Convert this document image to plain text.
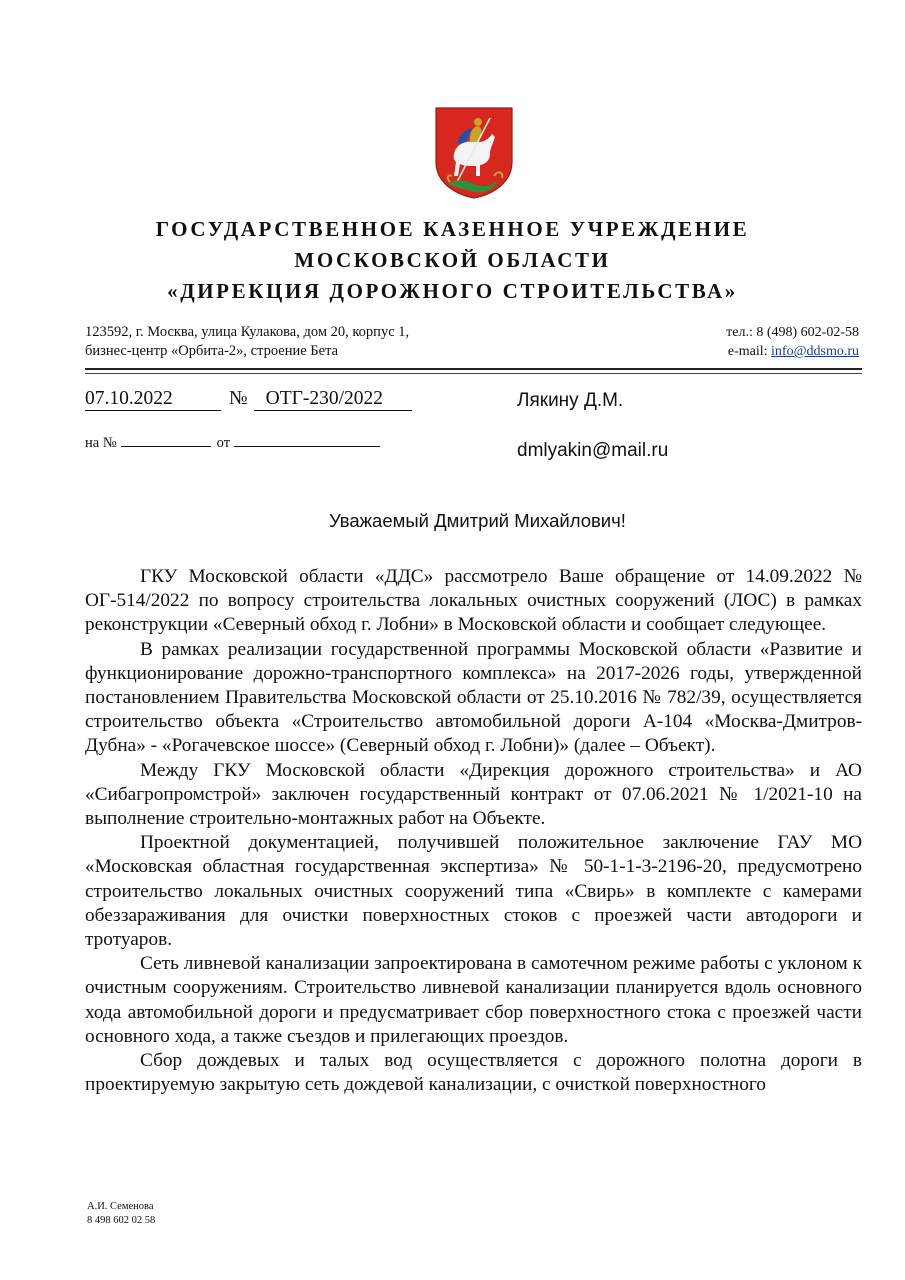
ГОСУДАРСТВЕННОЕ КАЗЕННОЕ УЧРЕЖДЕНИЕ
МОСКОВСКОЙ ОБЛАСТИ
«ДИРЕКЦИЯ ДОРОЖНОГО СТРОИТЕЛЬСТВА»
123592, г. Москва, улица Кулакова, дом 20, корпус 1,
бизнес-центр «Орбита-2», строение Бета
тел.: 8 (498) 602-02-58
e-mail: info@ddsmo.ru
07.10.2022	№ ОТГ-230/2022
на №	от
Лякину Д.М.
dmlyakin@mail.ru
Уважаемый Дмитрий Михайлович!

ГКУ Московской области «ДДС» рассмотрело Ваше обращение от 14.09.2022 № ОГ-514/2022 по вопросу строительства локальных очистных сооружений (ЛОС) в рамках реконструкции «Северный обход г. Лобни» в Московской области и сообщает следующее.

В рамках реализации государственной программы Московской области «Развитие и функционирование дорожно-транспортного комплекса» на 2017-2026 годы, утвержденной постановлением Правительства Московской области от 25.10.2016 № 782/39, осуществляется строительство объекта «Строительство автомобильной дороги А-104 «Москва-Дмитров-Дубна» - «Рогачевское шоссе» (Северный обход г. Лобни)» (далее – Объект).

Между ГКУ Московской области «Дирекция дорожного строительства» и АО «Сибагропромстрой» заключен государственный контракт от 07.06.2021 № 1/2021-10 на выполнение строительно-монтажных работ на Объекте.

Проектной документацией, получившей положительное заключение ГАУ МО «Московская областная государственная экспертиза» № 50-1-1-3-2196-20, предусмотрено строительство локальных очистных сооружений типа «Свирь» в комплекте с камерами обеззараживания для очистки поверхностных стоков с проезжей части автодороги и тротуаров.

Сеть ливневой канализации запроектирована в самотечном режиме работы с уклоном к очистным сооружениям. Строительство ливневой канализации планируется вдоль основного хода автомобильной дороги и предусматривает сбор поверхностного стока с проезжей части основного хода, а также съездов и прилегающих проездов.

Сбор дождевых и талых вод осуществляется с дорожного полотна дороги в проектируемую закрытую сеть дождевой канализации, с очисткой поверхностного

А.И. Семенова
8 498 602 02 58
